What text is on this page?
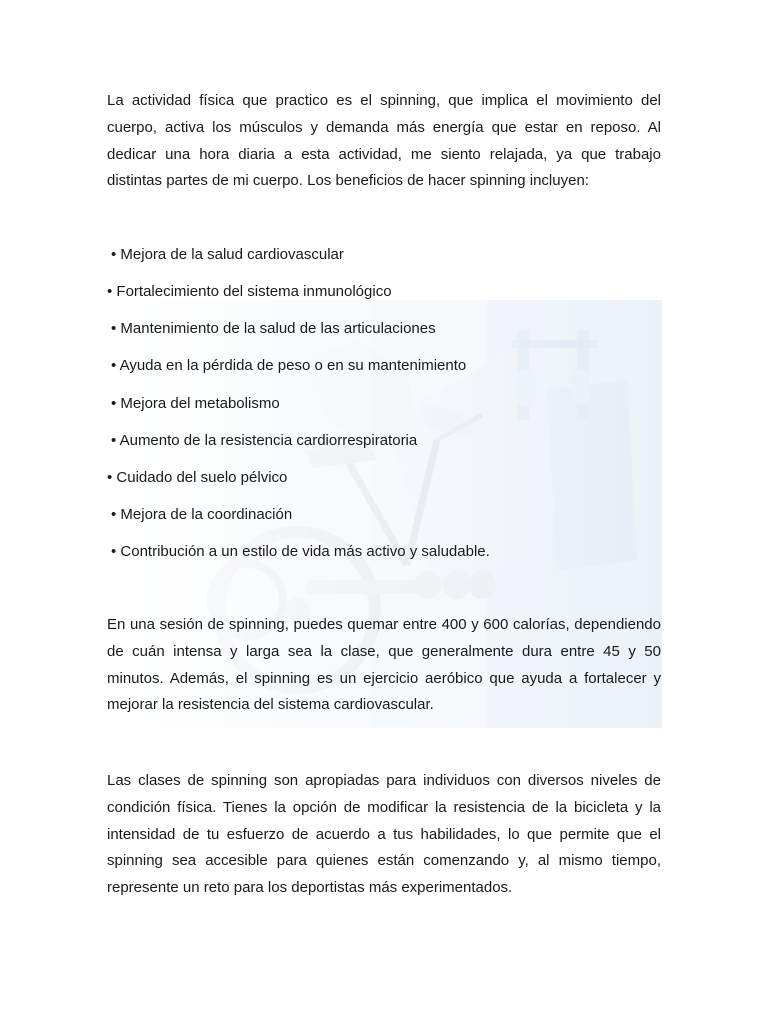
La actividad física que practico es el spinning, que implica el movimiento del cuerpo, activa los músculos y demanda más energía que estar en reposo. Al dedicar una hora diaria a esta actividad, me siento relajada, ya que trabajo distintas partes de mi cuerpo. Los beneficios de hacer spinning incluyen:

• Mejora de la salud cardiovascular
• Fortalecimiento del sistema inmunológico
• Mantenimiento de la salud de las articulaciones
• Ayuda en la pérdida de peso o en su mantenimiento
• Mejora del metabolismo
• Aumento de la resistencia cardiorrespiratoria
• Cuidado del suelo pélvico
• Mejora de la coordinación
• Contribución a un estilo de vida más activo y saludable.

En una sesión de spinning, puedes quemar entre 400 y 600 calorías, dependiendo de cuán intensa y larga sea la clase, que generalmente dura entre 45 y 50 minutos. Además, el spinning es un ejercicio aeróbico que ayuda a fortalecer y mejorar la resistencia del sistema cardiovascular.

Las clases de spinning son apropiadas para individuos con diversos niveles de condición física. Tienes la opción de modificar la resistencia de la bicicleta y la intensidad de tu esfuerzo de acuerdo a tus habilidades, lo que permite que el spinning sea accesible para quienes están comenzando y, al mismo tiempo, represente un reto para los deportistas más experimentados.
